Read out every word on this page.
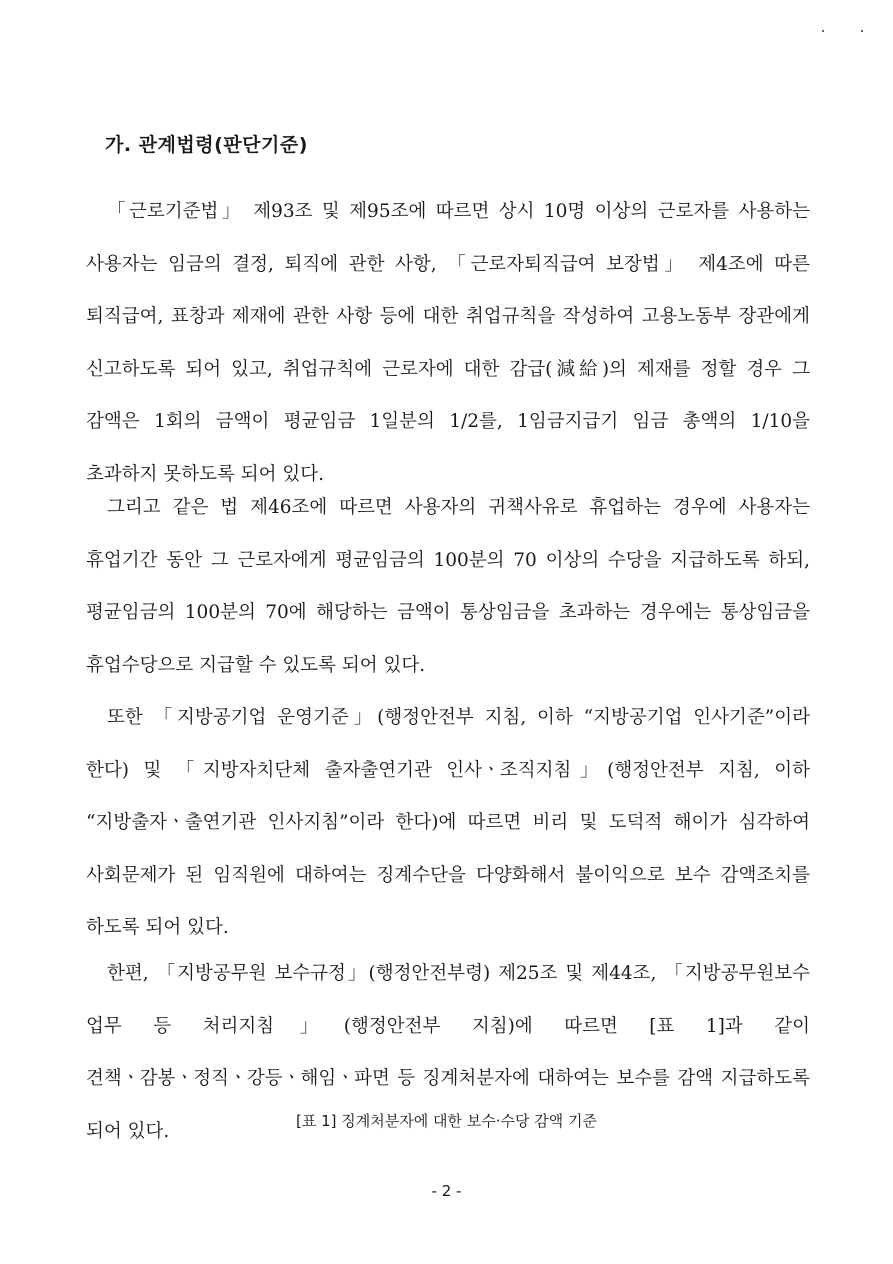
가. 관계법령(판단기준)

「근로기준법」 제93조 및 제95조에 따르면 상시 10명 이상의 근로자를 사용하는 사용자는 임금의 결정, 퇴직에 관한 사항, 「근로자퇴직급여 보장법」 제4조에 따른 퇴직급여, 표창과 제재에 관한 사항 등에 대한 취업규칙을 작성하여 고용노동부 장관에게 신고하도록 되어 있고, 취업규칙에 근로자에 대한 감급(減給)의 제재를 정할 경우 그 감액은 1회의 금액이 평균임금 1일분의 1/2를, 1임금지급기 임금 총액의 1/10을 초과하지 못하도록 되어 있다.

그리고 같은 법 제46조에 따르면 사용자의 귀책사유로 휴업하는 경우에 사용자는 휴업기간 동안 그 근로자에게 평균임금의 100분의 70 이상의 수당을 지급하도록 하되, 평균임금의 100분의 70에 해당하는 금액이 통상임금을 초과하는 경우에는 통상임금을 휴업수당으로 지급할 수 있도록 되어 있다.

또한 「지방공기업 운영기준」(행정안전부 지침, 이하 “지방공기업 인사기준”이라 한다) 및 「지방자치단체 출자출연기관 인사ㆍ조직지침」(행정안전부 지침, 이하 “지방출자ㆍ출연기관 인사지침”이라 한다)에 따르면 비리 및 도덕적 해이가 심각하여 사회문제가 된 임직원에 대하여는 징계수단을 다양화해서 불이익으로 보수 감액조치를 하도록 되어 있다.

한편, 「지방공무원 보수규정」(행정안전부령) 제25조 및 제44조, 「지방공무원보수 업무 등 처리지침」(행정안전부 지침)에 따르면 [표 1]과 같이 견책ㆍ감봉ㆍ정직ㆍ강등ㆍ해임ㆍ파면 등 징계처분자에 대하여는 보수를 감액 지급하도록 되어 있다.	[표 1] 징계처분자에 대한 보수·수당 감액 기준
- 2 -
